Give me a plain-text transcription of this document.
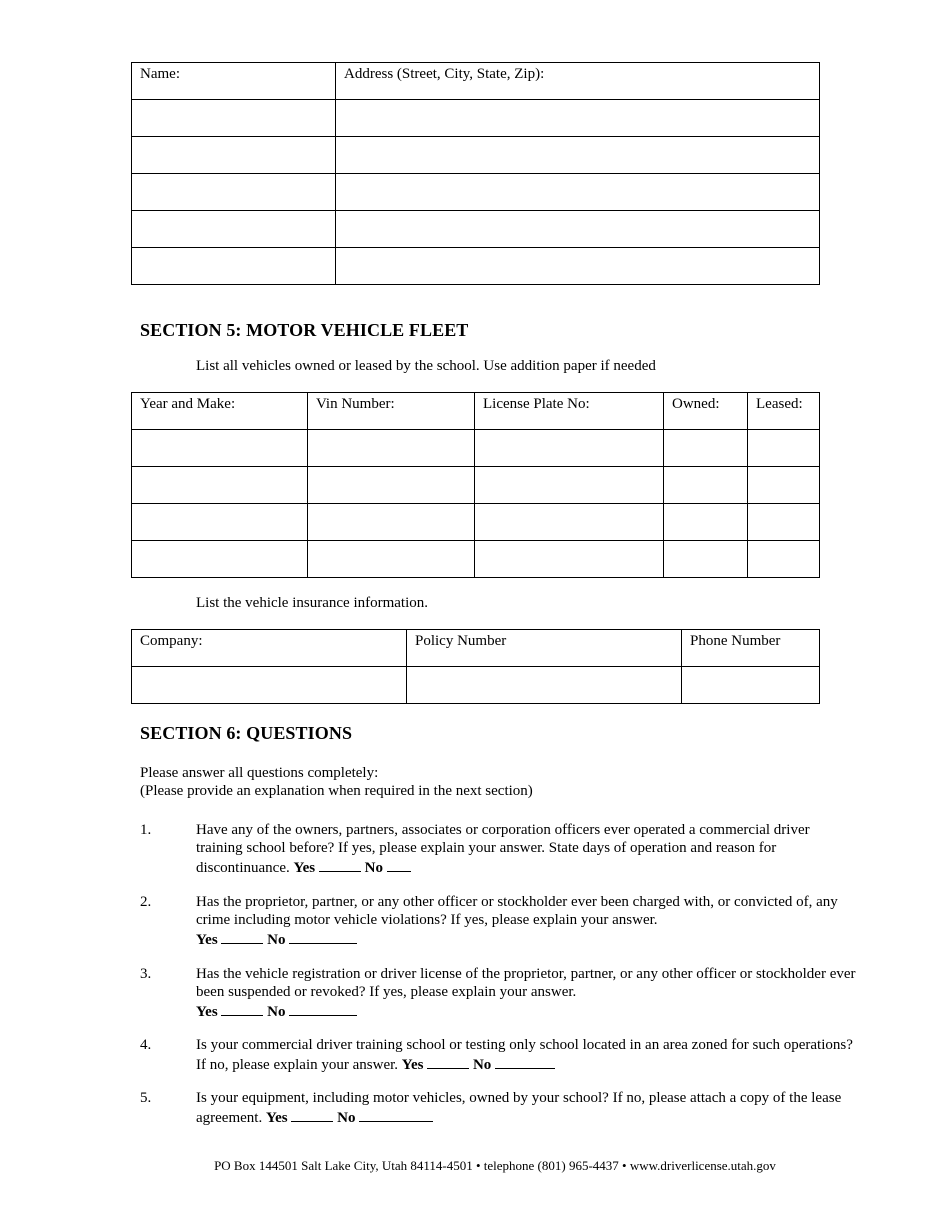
Name:	Address (Street, City, State, Zip):

SECTION 5: MOTOR VEHICLE FLEET
List all vehicles owned or leased by the school. Use addition paper if needed
Year and Make:	Vin Number:	License Plate No:	Owned:	Leased:

List the vehicle insurance information.
Company:	Policy Number	Phone Number

SECTION 6: QUESTIONS
Please answer all questions completely:
(Please provide an explanation when required in the next section)
1.	Have any of the owners, partners, associates or corporation officers ever operated a commercial driver training school before? If yes, please explain your answer. State days of operation and reason for discontinuance. Yes	No
2.	Has the proprietor, partner, or any other officer or stockholder ever been charged with, or convicted of, any crime including motor vehicle violations? If yes, please explain your answer.
Yes	No
3.	Has the vehicle registration or driver license of the proprietor, partner, or any other officer or stockholder ever been suspended or revoked? If yes, please explain your answer.
Yes	No
4.	Is your commercial driver training school or testing only school located in an area zoned for such operations? If no, please explain your answer. Yes	No
5.	Is your equipment, including motor vehicles, owned by your school? If no, please attach a copy of the lease agreement. Yes	No
PO Box 144501 Salt Lake City, Utah 84114-4501 • telephone (801) 965-4437 • www.driverlicense.utah.gov
